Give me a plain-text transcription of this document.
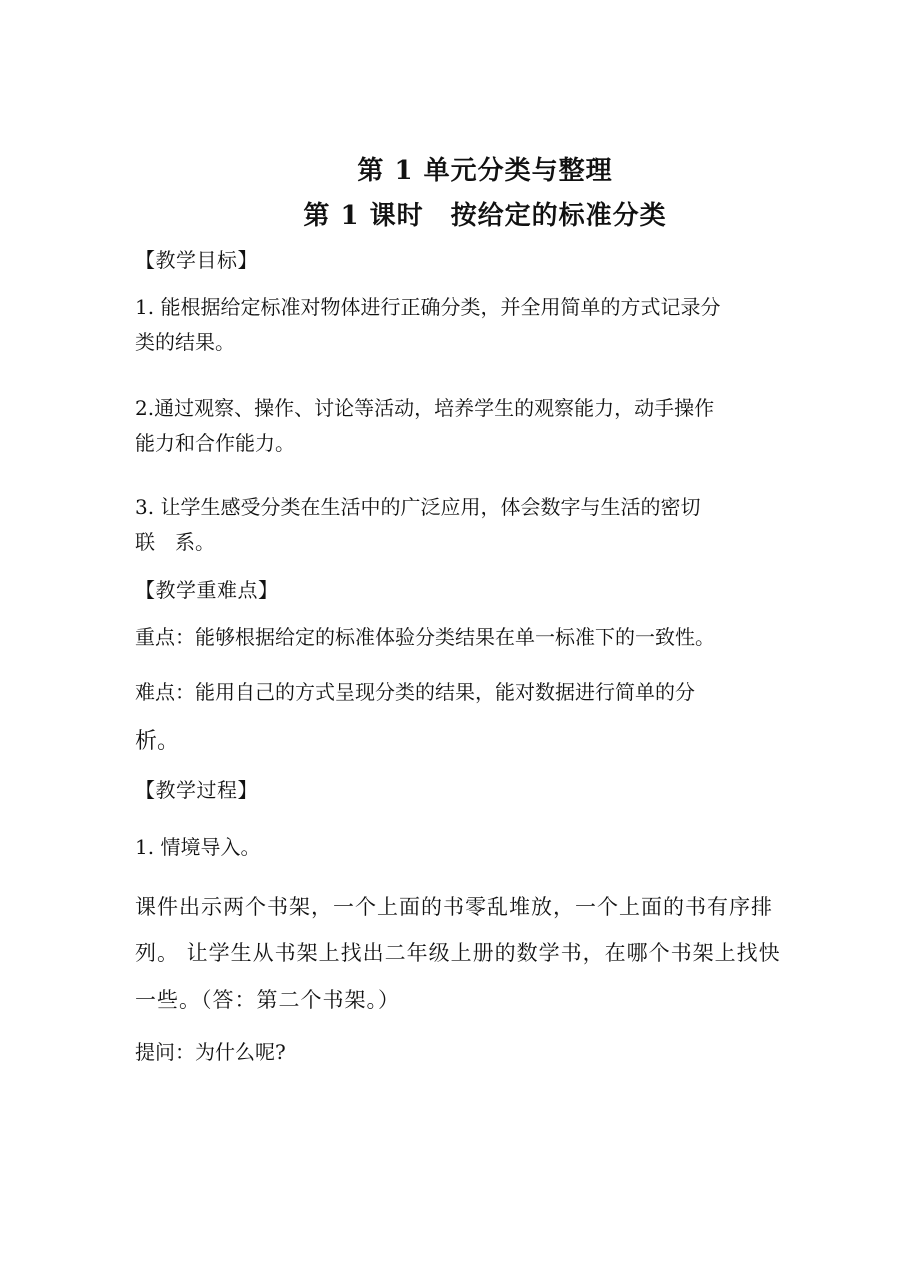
第 1 单元分类与整理
第 1 课时　按给定的标准分类
【教学目标】
1. 能根据给定标准对物体进行正确分类，并全用简单的方式记录分
类的结果。
2.通过观察、操作、讨论等活动，培养学生的观察能力，动手操作
能力和合作能力。
3. 让学生感受分类在生活中的广泛应用，体会数字与生活的密切
联　系。
【教学重难点】
重点：能够根据给定的标准体验分类结果在单一标准下的一致性。
难点：能用自己的方式呈现分类的结果，能对数据进行简单的分
析。
【教学过程】
1. 情境导入。
课件出示两个书架，一个上面的书零乱堆放，一个上面的书有序排
列。 让学生从书架上找出二年级上册的数学书，在哪个书架上找快
一些。（答：第二个书架。）
提问：为什么呢?
